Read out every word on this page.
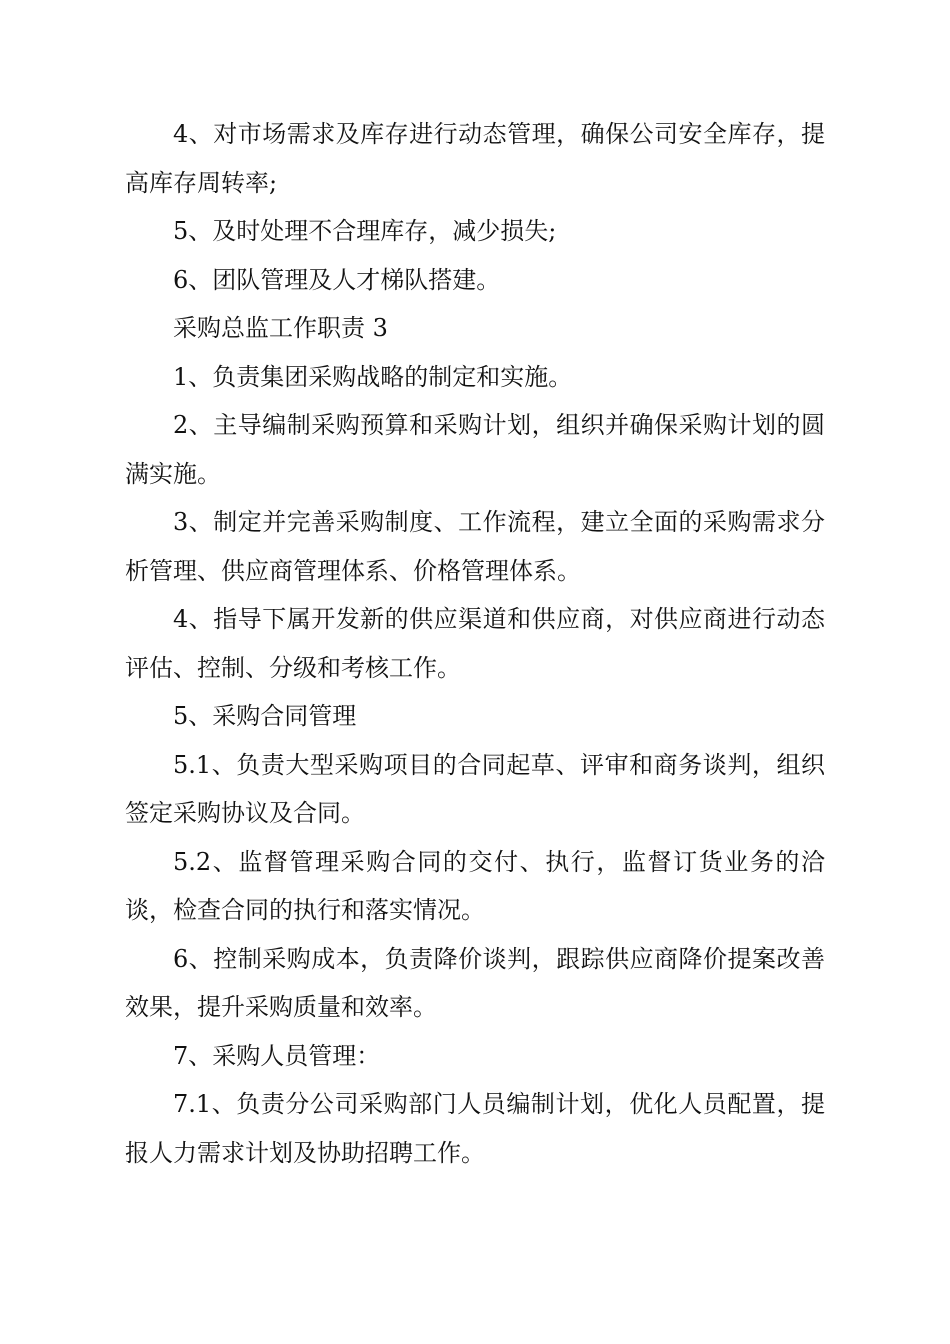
4、对市场需求及库存进行动态管理，确保公司安全库存，提高库存周转率;

5、及时处理不合理库存，减少损失;

6、团队管理及人才梯队搭建。

采购总监工作职责 3

1、负责集团采购战略的制定和实施。

2、主导编制采购预算和采购计划，组织并确保采购计划的圆满实施。

3、制定并完善采购制度、工作流程，建立全面的采购需求分析管理、供应商管理体系、价格管理体系。

4、指导下属开发新的供应渠道和供应商，对供应商进行动态评估、控制、分级和考核工作。

5、采购合同管理

5.1、负责大型采购项目的合同起草、评审和商务谈判，组织签定采购协议及合同。

5.2、监督管理采购合同的交付、执行，监督订货业务的洽谈，检查合同的执行和落实情况。

6、控制采购成本，负责降价谈判，跟踪供应商降价提案改善效果，提升采购质量和效率。

7、采购人员管理：

7.1、负责分公司采购部门人员编制计划，优化人员配置，提报人力需求计划及协助招聘工作。
